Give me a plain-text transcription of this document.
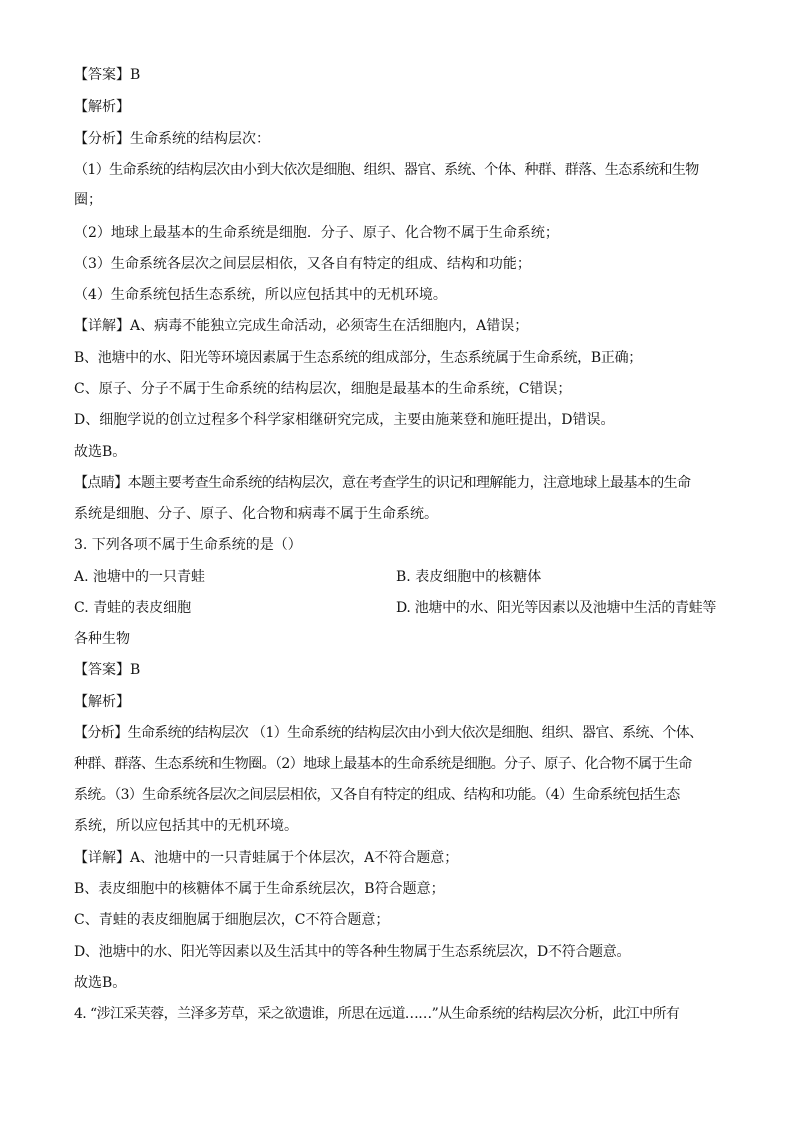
【答案】B
【解析】
【分析】生命系统的结构层次：
（1）生命系统的结构层次由小到大依次是细胞、组织、器官、系统、个体、种群、群落、生态系统和生物
圈；
（2）地球上最基本的生命系统是细胞．分子、原子、化合物不属于生命系统；
（3）生命系统各层次之间层层相依，又各自有特定的组成、结构和功能；
（4）生命系统包括生态系统，所以应包括其中的无机环境。
【详解】A、病毒不能独立完成生命活动，必须寄生在活细胞内，A错误；
B、池塘中的水、阳光等环境因素属于生态系统的组成部分，生态系统属于生命系统，B正确；
C、原子、分子不属于生命系统的结构层次，细胞是最基本的生命系统，C错误；
D、细胞学说的创立过程多个科学家相继研究完成，主要由施莱登和施旺提出，D错误。
故选B。
【点睛】本题主要考查生命系统的结构层次，意在考查学生的识记和理解能力，注意地球上最基本的生命
系统是细胞、分子、原子、化合物和病毒不属于生命系统。
3. 下列各项不属于生命系统的是（）
A. 池塘中的一只青蛙	B. 表皮细胞中的核糖体
C. 青蛙的表皮细胞	D. 池塘中的水、阳光等因素以及池塘中生活的青蛙等
各种生物
【答案】B
【解析】
【分析】生命系统的结构层次 （1）生命系统的结构层次由小到大依次是细胞、组织、器官、系统、个体、
种群、群落、生态系统和生物圈。（2）地球上最基本的生命系统是细胞。分子、原子、化合物不属于生命
系统。（3）生命系统各层次之间层层相依，又各自有特定的组成、结构和功能。（4）生命系统包括生态
系统，所以应包括其中的无机环境。
【详解】A、池塘中的一只青蛙属于个体层次，A不符合题意；
B、表皮细胞中的核糖体不属于生命系统层次，B符合题意；
C、青蛙的表皮细胞属于细胞层次，C不符合题意；
D、池塘中的水、阳光等因素以及生活其中的等各种生物属于生态系统层次，D不符合题意。
故选B。
4. “涉江采芙蓉，兰泽多芳草，采之欲遗谁，所思在远道……”从生命系统的结构层次分析，此江中所有
